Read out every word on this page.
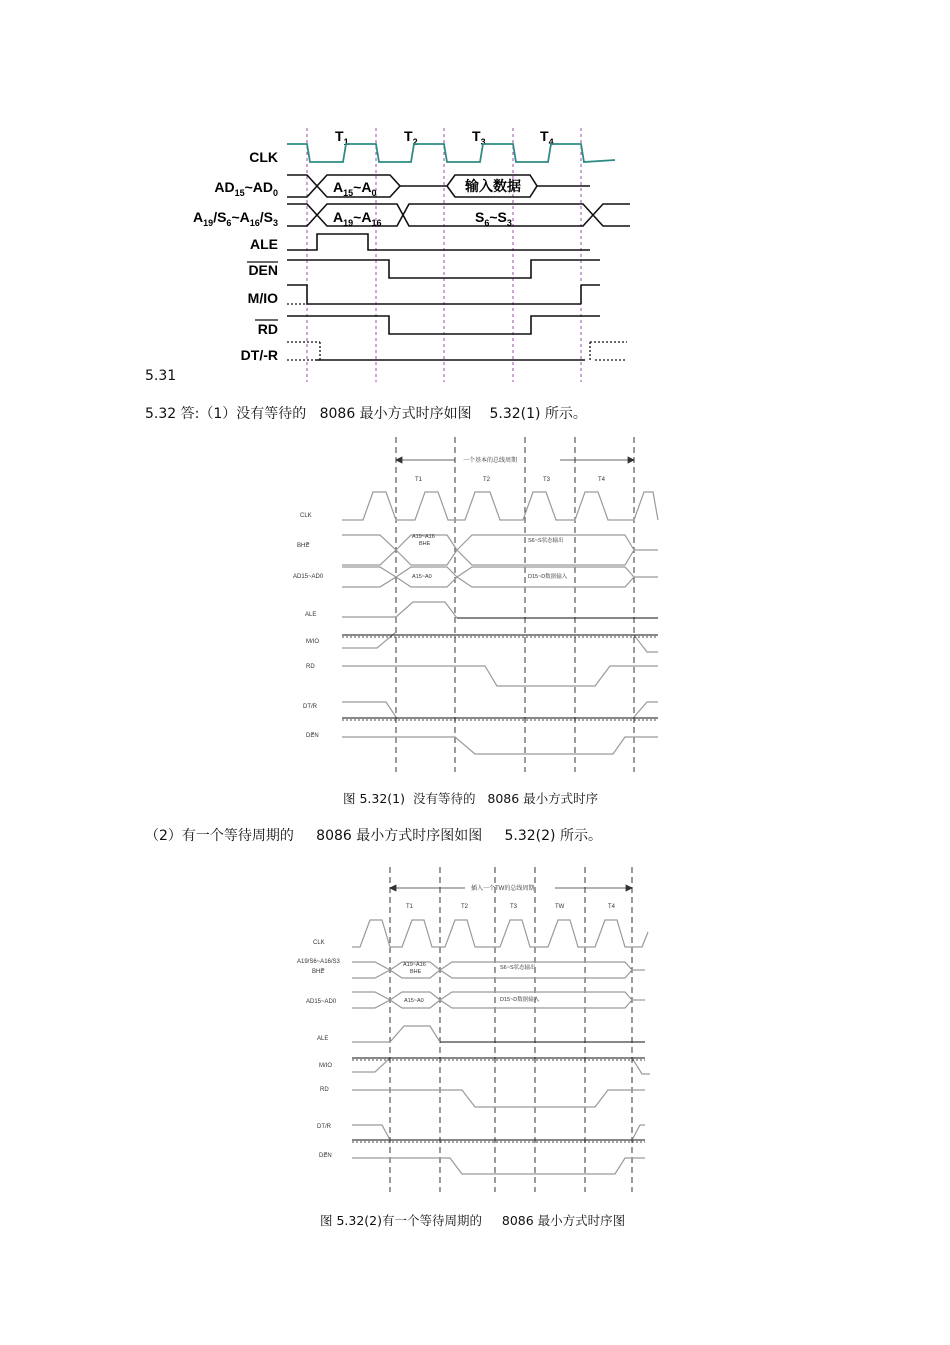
$T_1$	$T_2$	$T_3$	$T_4$
CLK
$AD_{15}\sim AD_0$
$A_{19}/S_6\sim A_{16}/S_3$
ALE
DEN
M/IO
RD
DT/-R
$A_{15}\sim A_0$	输入数据
$A_{19}\sim A_{16}$	$S_6\sim S_3$
5.31
5.32 答:（1）没有等待的   8086 最小方式时序如图    5.32(1) 所示。
一个基本的总线周期
T1	T2	T3	T4
CLK
BHE
AD15~AD0
ALE
M/IO
RD
DT/R
DEN
A19~A16
BHE	S6~S状态输出
A15~A0	D15~D数据输入
图 5.32(1)  没有等待的   8086 最小方式时序
（2）有一个等待周期的     8086 最小方式时序图如图     5.32(2) 所示。
插入一个TW的总线周期
T1	T2	T3	TW	T4
CLK
A19/S6~A16/S3
BHE
AD15~AD0
ALE
M/IO
RD
DT/R
DEN
A19~A16
BHE
S6~S状态输出
A15~A0	D15~D数据输入
图 5.32(2)有一个等待周期的     8086 最小方式时序图
